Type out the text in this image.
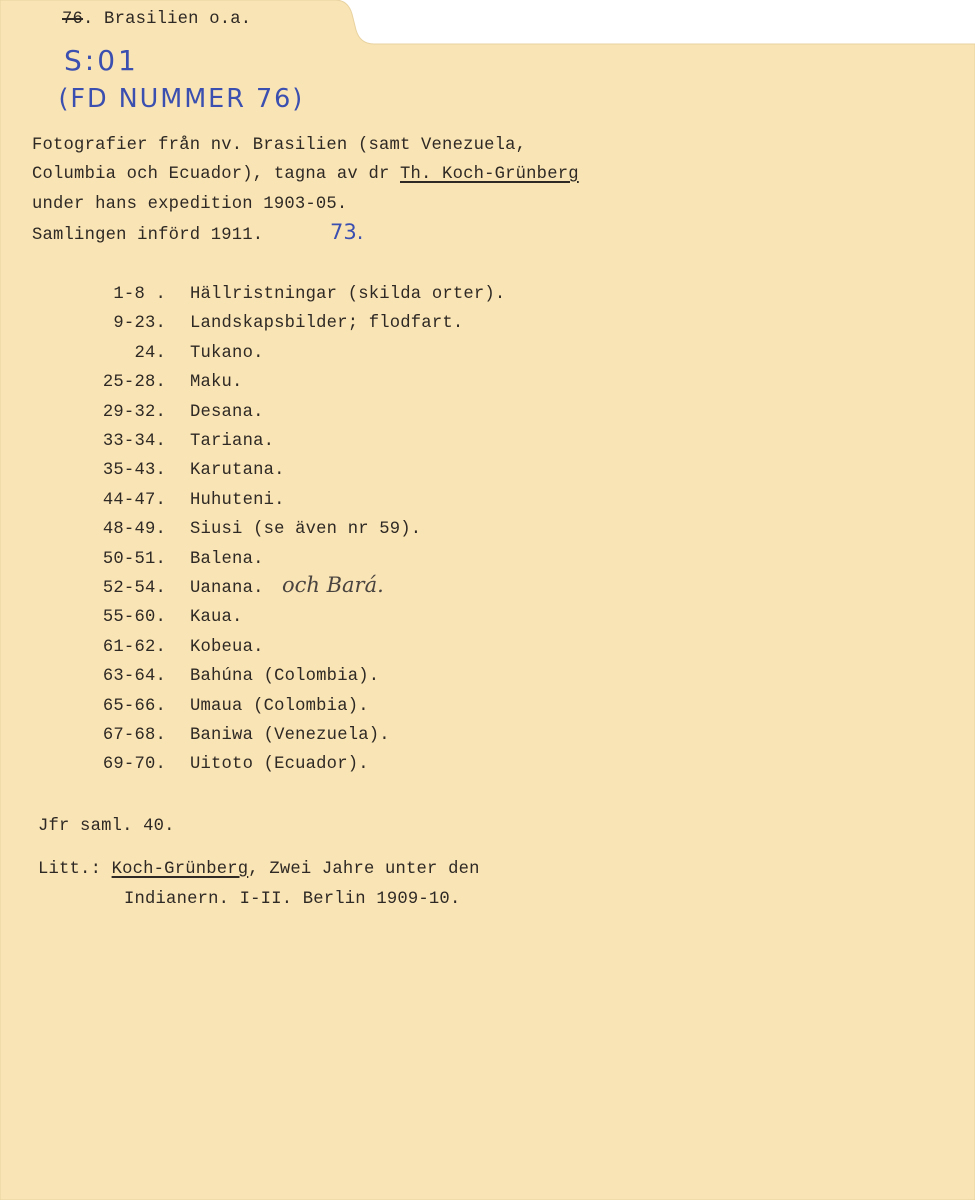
76. Brasilien o.a.
S:01
(FD NUMMER 76)
Fotografier från nv. Brasilien (samt Venezuela,
Columbia och Ecuador), tagna av dr Th. Koch-Grünberg
under hans expedition 1903-05.
Samlingen införd 1911.	73.
1-8 . Hällristningar (skilda orter).
9-23. Landskapsbilder; flodfart.
24. Tukano.
25-28. Maku.
29-32. Desana.
33-34. Tariana.
35-43. Karutana.
44-47. Huhuteni.
48-49. Siusi (se även nr 59).
50-51. Balena.
52-54. Uanana. och Bará.
55-60. Kaua.
61-62. Kobeua.
63-64. Bahúna (Colombia).
65-66. Umaua (Colombia).
67-68. Baniwa (Venezuela).
69-70. Uitoto (Ecuador).
Jfr saml. 40.
Litt.: Koch-Grünberg, Zwei Jahre unter den
Indianern. I-II. Berlin 1909-10.
